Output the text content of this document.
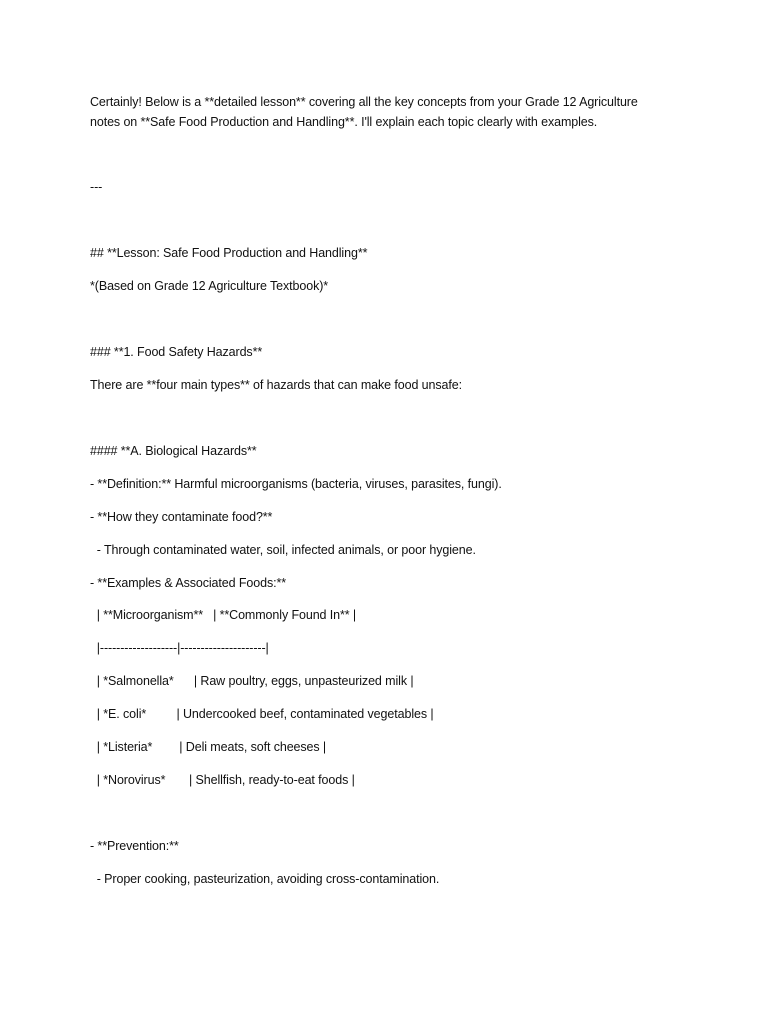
Certainly! Below is a **detailed lesson** covering all the key concepts from your Grade 12 Agriculture

notes on **Safe Food Production and Handling**. I'll explain each topic clearly with examples.

---

## **Lesson: Safe Food Production and Handling**

*(Based on Grade 12 Agriculture Textbook)*

### **1. Food Safety Hazards**

There are **four main types** of hazards that can make food unsafe:

#### **A. Biological Hazards**

- **Definition:** Harmful microorganisms (bacteria, viruses, parasites, fungi).

- **How they contaminate food?**

- Through contaminated water, soil, infected animals, or poor hygiene.

- **Examples & Associated Foods:**

| **Microorganism**   | **Commonly Found In** |

|-------------------|---------------------|

| *Salmonella*      | Raw poultry, eggs, unpasteurized milk |

| *E. coli*         | Undercooked beef, contaminated vegetables |

| *Listeria*        | Deli meats, soft cheeses |

| *Norovirus*       | Shellfish, ready-to-eat foods |

- **Prevention:**

- Proper cooking, pasteurization, avoiding cross-contamination.
